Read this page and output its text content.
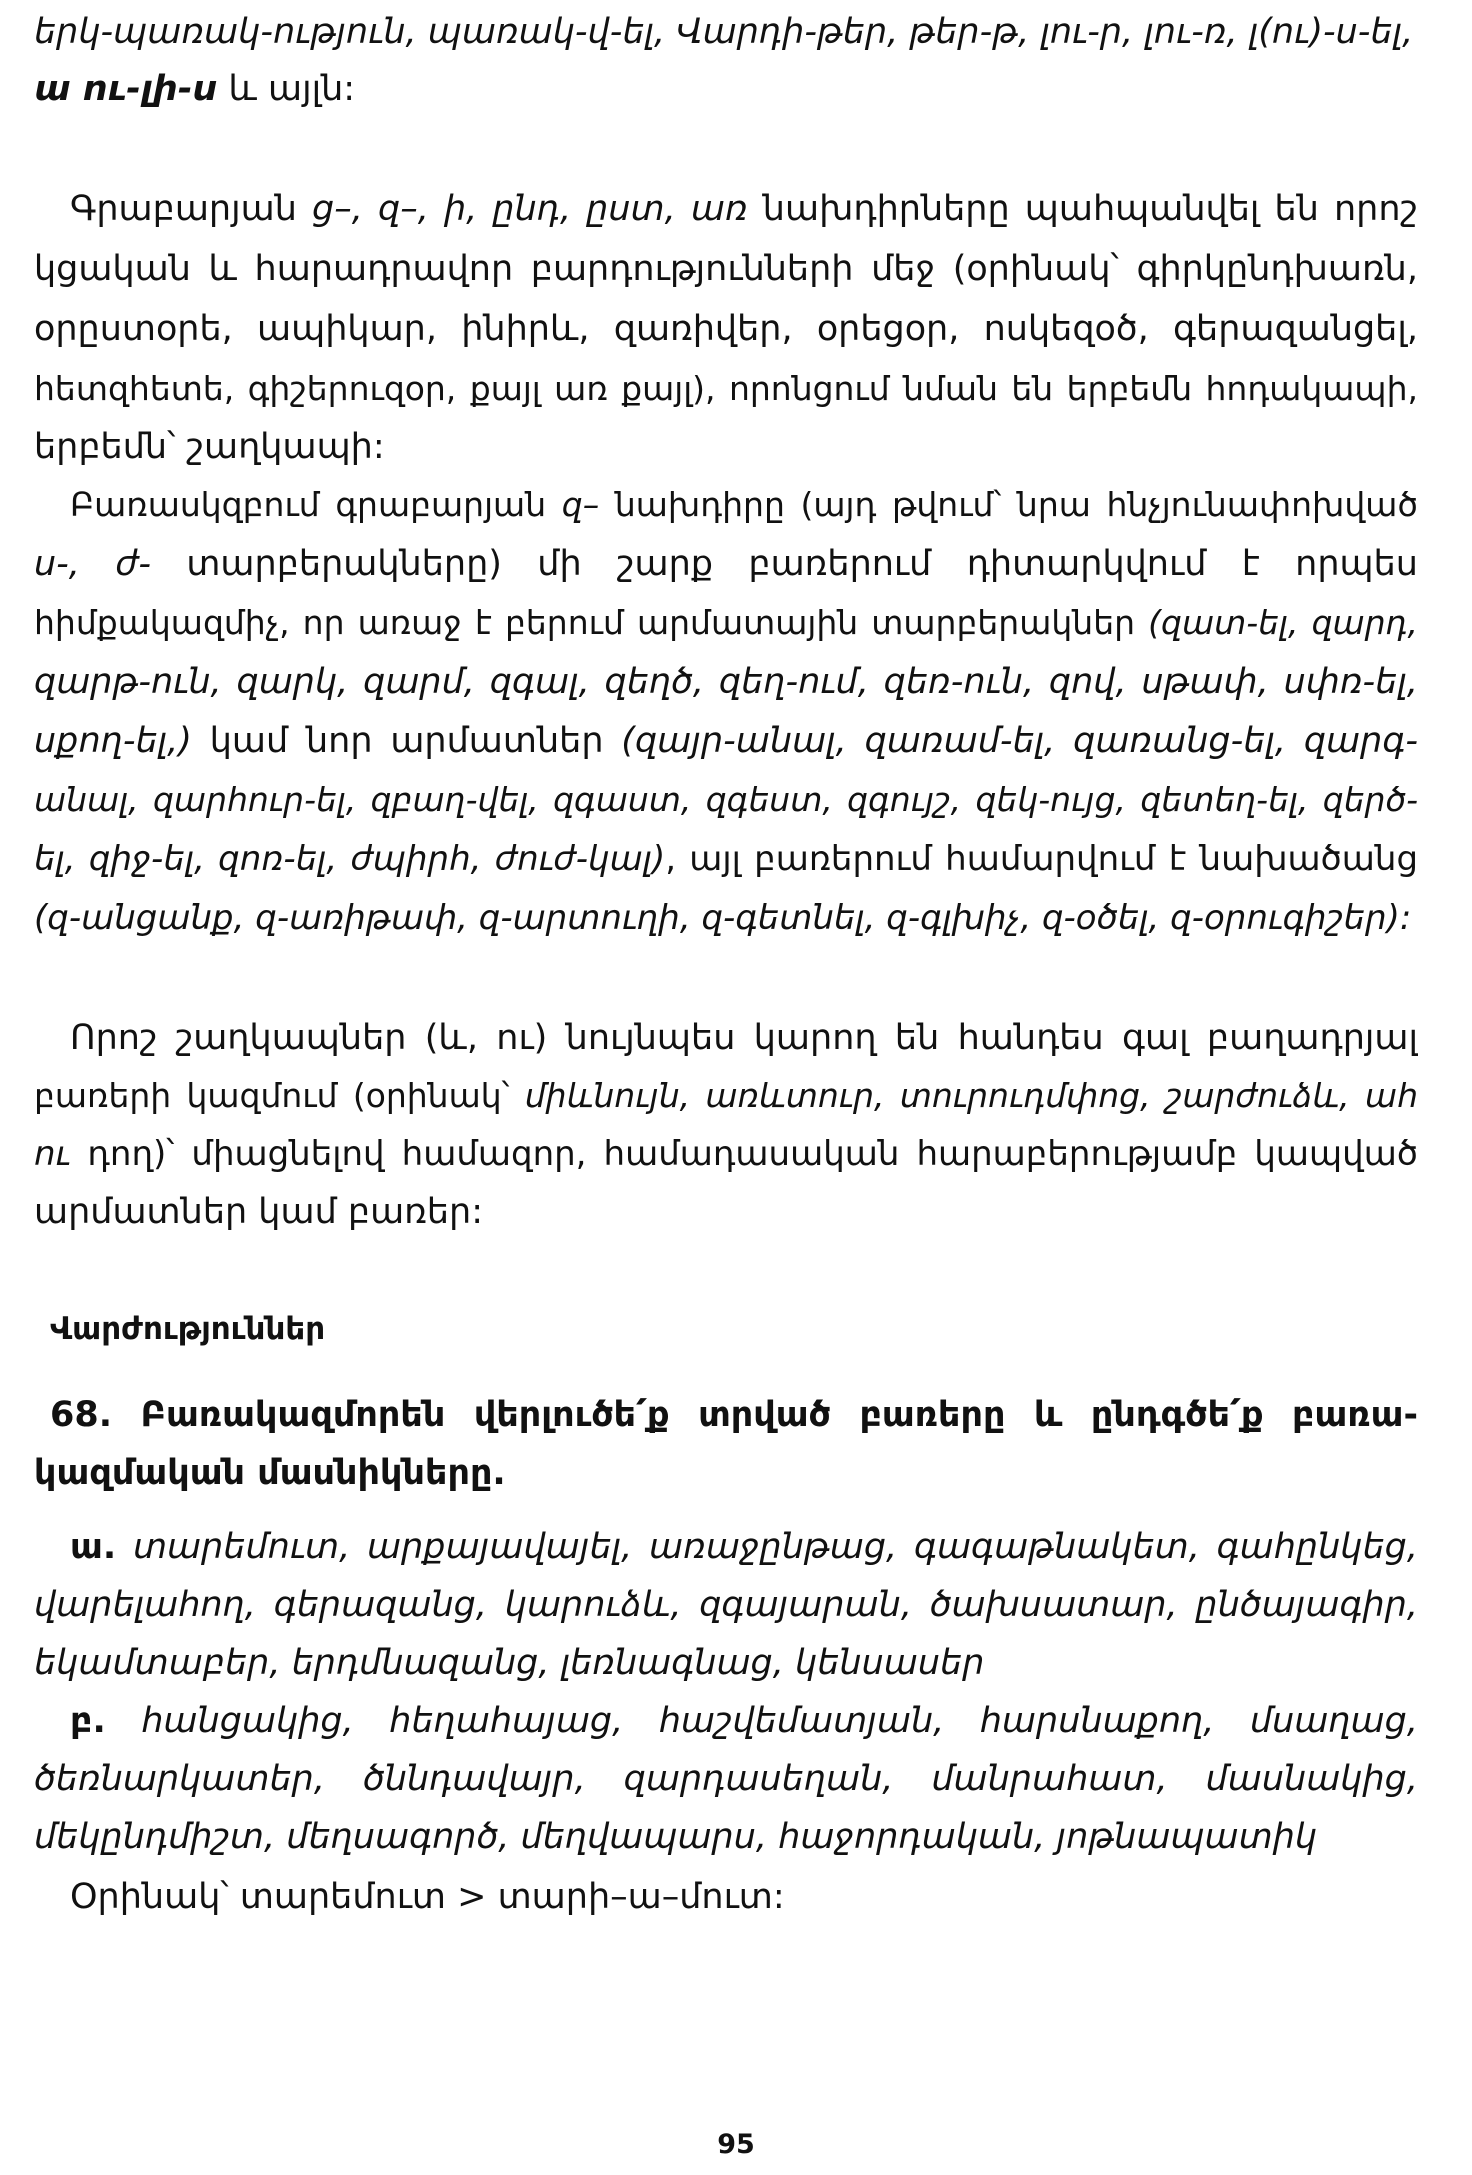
երկ-պառակ-ություն, պառակ-վ-ել, Վարդի-թեր, թեր-թ, լու-ր, լու-ռ, լ(ու)-ս-ել,
ա ու-լի-ս և այլն:
Գրաբարյան ց–, զ–, ի, ընդ, ըստ, առ նախդիրները պահպանվել են որոշ
կցական և հարադրավոր բարդությունների մեջ (օրինակ՝ գիրկընդխառն,
օրըստօրե, ապիկար, ինիրև, զառիվեր, օրեցօր, ոսկեզօծ, գերազանցել,
հետզհետե, գիշերուզօր, քայլ առ քայլ), որոնցում նման են երբեմն հոդակապի,
երբեմն՝ շաղկապի:
Բառասկզբում գրաբարյան զ– նախդիրը (այդ թվում՝ նրա հնչյունափոխված
ս-, ժ- տարբերակները) մի շարք բառերում դիտարկվում է որպես
հիմքակազմիչ, որ առաջ է բերում արմատային տարբերակներ (զատ-ել, զարդ,
զարթ-ուն, զարկ, զարմ, զգալ, զեղծ, զեղ-ում, զեռ-ուն, զով, սթափ, սփռ-ել,
սքող-ել,) կամ նոր արմատներ (զայր-անալ, զառամ-ել, զառանց-ել, զարգ-
անալ, զարհուր-ել, զբաղ-վել, զգաստ, զգեստ, զգույշ, զեկ-ույց, զետեղ-ել, զերծ-
ել, զիջ-ել, զոռ-ել, ժպիրհ, ժուժ-կալ), այլ բառերում համարվում է նախածանց
(զ-անցանք, զ-առիթափ, զ-արտուղի, զ-գետնել, զ-գլխիչ, զ-օծել, զ-օրուգիշեր):
Որոշ շաղկապներ (և, ու) նույնպես կարող են հանդես գալ բաղադրյալ
բառերի կազմում (օրինակ՝ միևնույն, առևտուր, տուրուդմփոց, շարժուձև, ահ
ու դող)՝ միացնելով համազոր, համադասական հարաբերությամբ կապված
արմատներ կամ բառեր:
Վարժություններ
68. Բառակազմորեն վերլուծե՛ք տրված բառերը և ընդգծե՛ք բառա-
կազմական մասնիկները.
ա. տարեմուտ, արքայավայել, առաջընթաց, գագաթնակետ, գահընկեց,
վարելահող, գերազանց, կարուձև, զգայարան, ծախսատար, ընծայագիր,
եկամտաբեր, երդմնազանց, լեռնագնաց, կենսասեր
բ. հանցակից, հեղահայաց, հաշվեմատյան, հարսնաքող, մսաղաց,
ծեռնարկատեր, ծննդավայր, զարդասեղան, մանրահատ, մասնակից,
մեկընդմիշտ, մեղսագործ, մեղվապարս, հաջորդական, յոթնապատիկ
Օրինակ՝ տարեմուտ > տարի–ա–մուտ:
95
